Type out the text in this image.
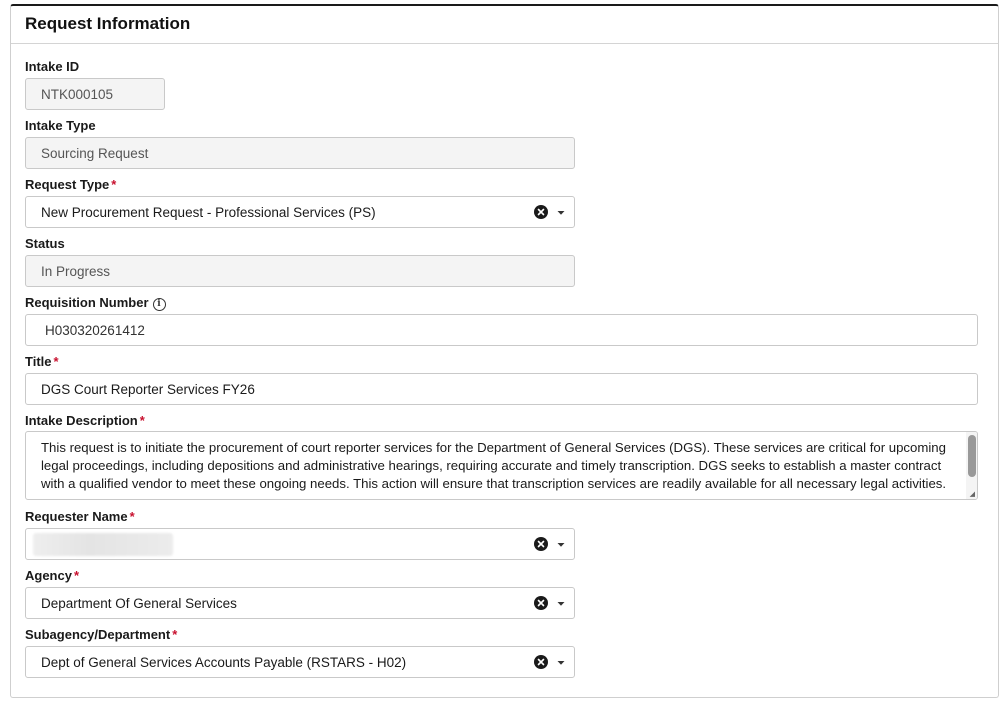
Request Information
Intake ID
NTK000105
Intake Type
Sourcing Request
Request Type *
New Procurement Request - Professional Services (PS)
Status
In Progress
Requisition Number i
H030320261412
Title *
DGS Court Reporter Services FY26
Intake Description *
This request is to initiate the procurement of court reporter services for the Department of General Services (DGS). These services are critical for upcoming legal proceedings, including depositions and administrative hearings, requiring accurate and timely transcription. DGS seeks to establish a master contract with a qualified vendor to meet these ongoing needs. This action will ensure that transcription services are readily available for all necessary legal activities.
◢
Requester Name *
Agency *
Department Of General Services
Subagency/Department *
Dept of General Services Accounts Payable (RSTARS - H02)
